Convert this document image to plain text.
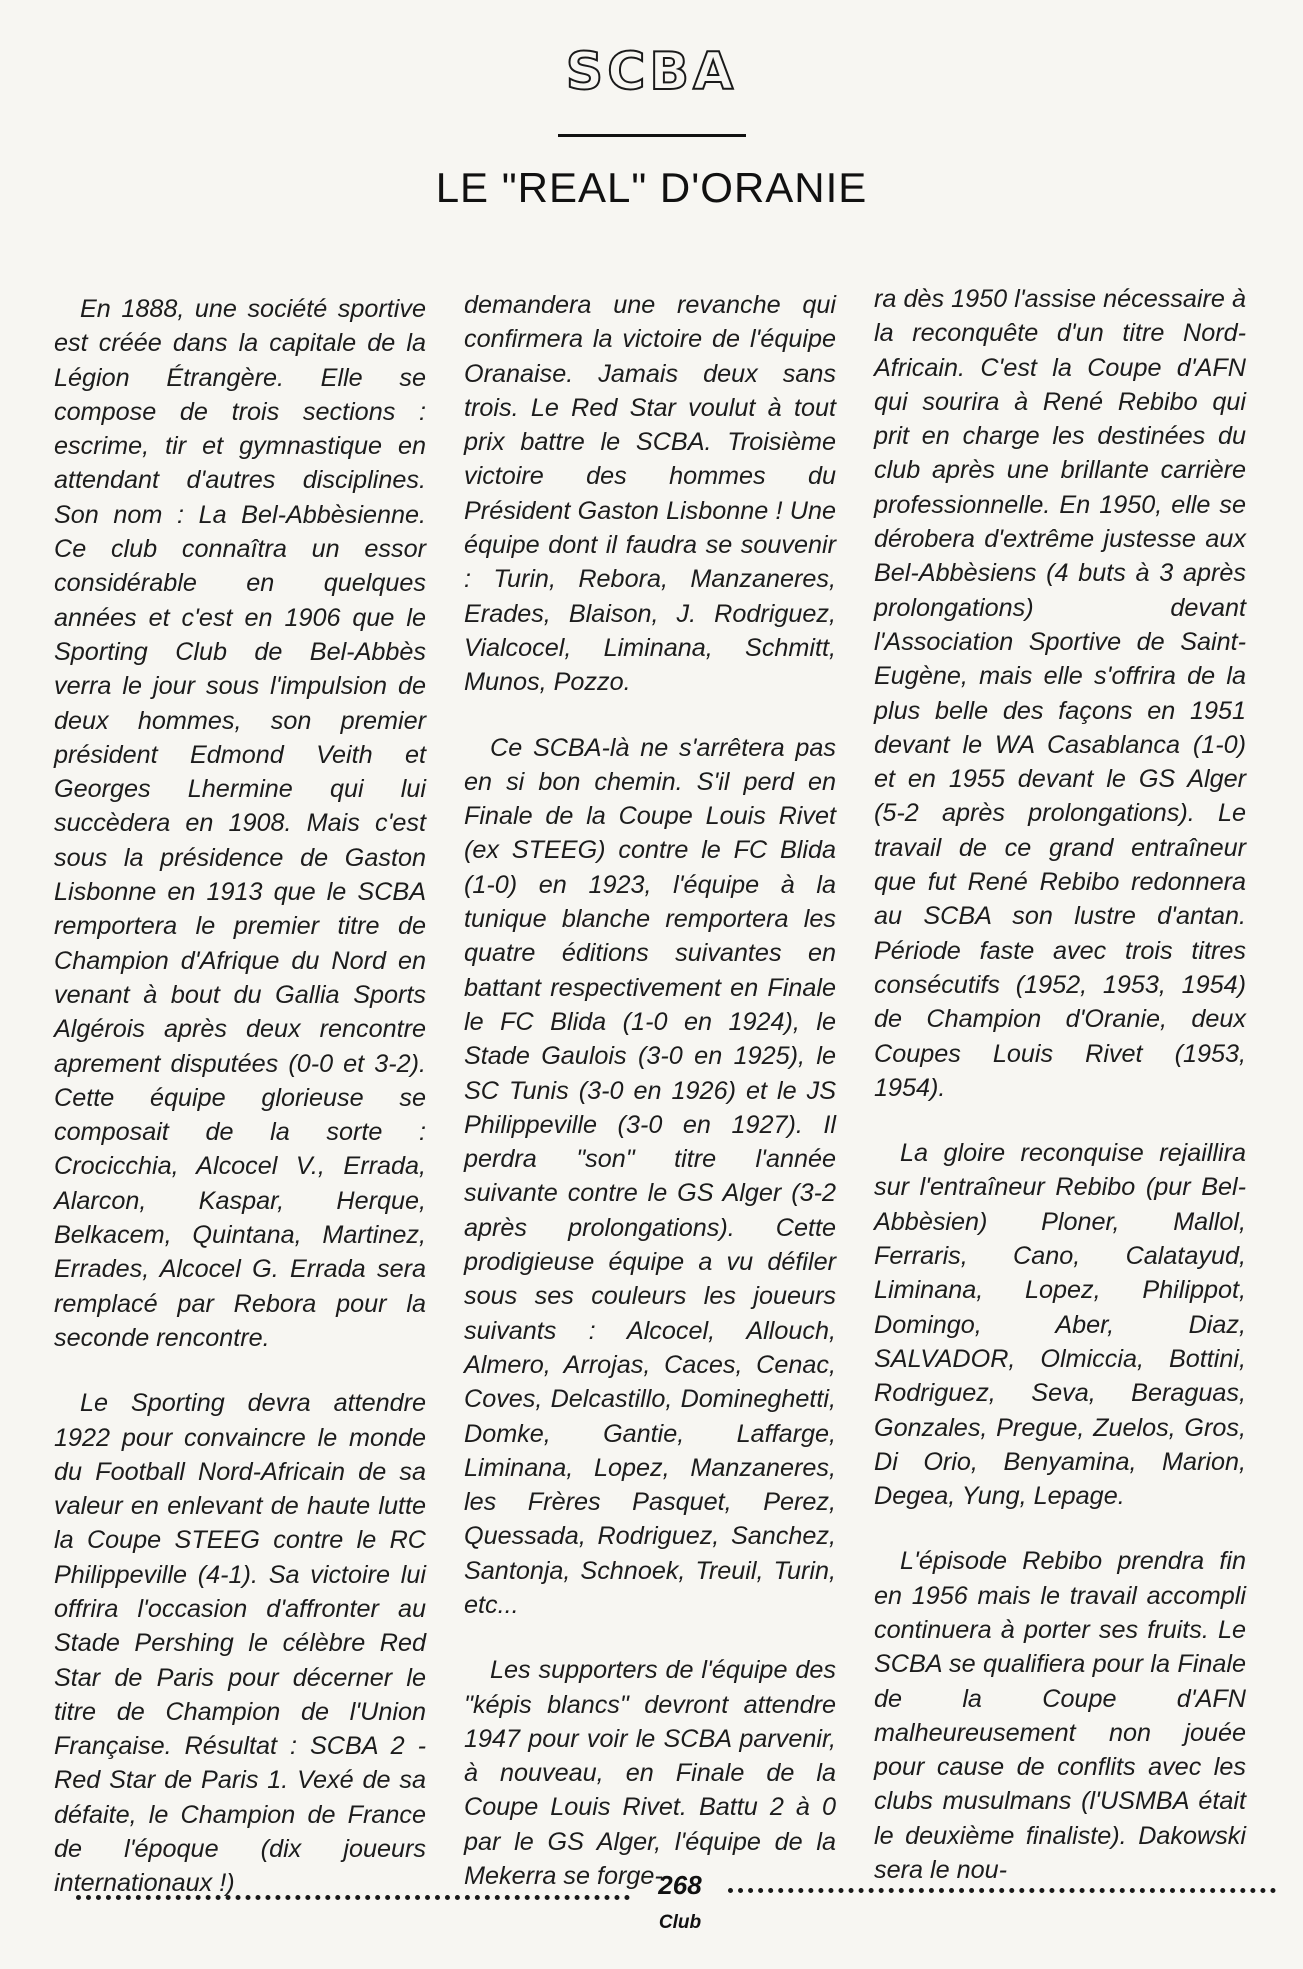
SCBA
LE "REAL" D'ORANIE

En 1888, une société sportive est créée dans la capitale de la Légion Étrangère. Elle se compose de trois sections : escrime, tir et gymnastique en attendant d'autres disciplines. Son nom : La Bel-Abbèsienne. Ce club connaîtra un essor considérable en quelques années et c'est en 1906 que le Sporting Club de Bel-Abbès verra le jour sous l'impulsion de deux hommes, son premier président Edmond Veith et Georges Lhermine qui lui succèdera en 1908. Mais c'est sous la présidence de Gaston Lisbonne en 1913 que le SCBA remportera le premier titre de Champion d'Afrique du Nord en venant à bout du Gallia Sports Algérois après deux rencontre aprement disputées (0-0 et 3-2). Cette équipe glorieuse se composait de la sorte : Crocicchia, Alcocel V., Errada, Alarcon, Kaspar, Herque, Belkacem, Quintana, Martinez, Errades, Alcocel G. Errada sera remplacé par Rebora pour la seconde rencontre.

Le Sporting devra attendre 1922 pour convaincre le monde du Football Nord-Africain de sa valeur en enlevant de haute lutte la Coupe STEEG contre le RC Philippeville (4-1). Sa victoire lui offrira l'occasion d'affronter au Stade Pershing le célèbre Red Star de Paris pour décerner le titre de Champion de l'Union Française. Résultat : SCBA 2 - Red Star de Paris 1. Vexé de sa défaite, le Champion de France de l'époque (dix joueurs internationaux !)

demandera une revanche qui confirmera la victoire de l'équipe Oranaise. Jamais deux sans trois. Le Red Star voulut à tout prix battre le SCBA. Troisième victoire des hommes du Président Gaston Lisbonne ! Une équipe dont il faudra se souvenir : Turin, Rebora, Manzaneres, Erades, Blaison, J. Rodriguez, Vialcocel, Liminana, Schmitt, Munos, Pozzo.

Ce SCBA-là ne s'arrêtera pas en si bon chemin. S'il perd en Finale de la Coupe Louis Rivet (ex STEEG) contre le FC Blida (1-0) en 1923, l'équipe à la tunique blanche remportera les quatre éditions suivantes en battant respectivement en Finale le FC Blida (1-0 en 1924), le Stade Gaulois (3-0 en 1925), le SC Tunis (3-0 en 1926) et le JS Philippeville (3-0 en 1927). Il perdra "son" titre l'année suivante contre le GS Alger (3-2 après prolongations). Cette prodigieuse équipe a vu défiler sous ses couleurs les joueurs suivants : Alcocel, Allouch, Almero, Arrojas, Caces, Cenac, Coves, Delcastillo, Domineghetti, Domke, Gantie, Laffarge, Liminana, Lopez, Manzaneres, les Frères Pasquet, Perez, Quessada, Rodriguez, Sanchez, Santonja, Schnoek, Treuil, Turin, etc...

Les supporters de l'équipe des "képis blancs" devront attendre 1947 pour voir le SCBA parvenir, à nouveau, en Finale de la Coupe Louis Rivet. Battu 2 à 0 par le GS Alger, l'équipe de la Mekerra se forge-

ra dès 1950 l'assise nécessaire à la reconquête d'un titre Nord-Africain. C'est la Coupe d'AFN qui sourira à René Rebibo qui prit en charge les destinées du club après une brillante carrière professionnelle. En 1950, elle se dérobera d'extrême justesse aux Bel-Abbèsiens (4 buts à 3 après prolongations) devant l'Association Sportive de Saint-Eugène, mais elle s'offrira de la plus belle des façons en 1951 devant le WA Casablanca (1-0) et en 1955 devant le GS Alger (5-2 après prolongations). Le travail de ce grand entraîneur que fut René Rebibo redonnera au SCBA son lustre d'antan. Période faste avec trois titres consécutifs (1952, 1953, 1954) de Champion d'Oranie, deux Coupes Louis Rivet (1953, 1954).

La gloire reconquise rejaillira sur l'entraîneur Rebibo (pur Bel-Abbèsien) Ploner, Mallol, Ferraris, Cano, Calatayud, Liminana, Lopez, Philippot, Domingo, Aber, Diaz, SALVADOR, Olmiccia, Bottini, Rodriguez, Seva, Beraguas, Gonzales, Pregue, Zuelos, Gros, Di Orio, Benyamina, Marion, Degea, Yung, Lepage.

L'épisode Rebibo prendra fin en 1956 mais le travail accompli continuera à porter ses fruits. Le SCBA se qualifiera pour la Finale de la Coupe d'AFN malheureusement non jouée pour cause de conflits avec les clubs musulmans (l'USMBA était le deuxième finaliste). Dakowski sera le nou-

268
Club
